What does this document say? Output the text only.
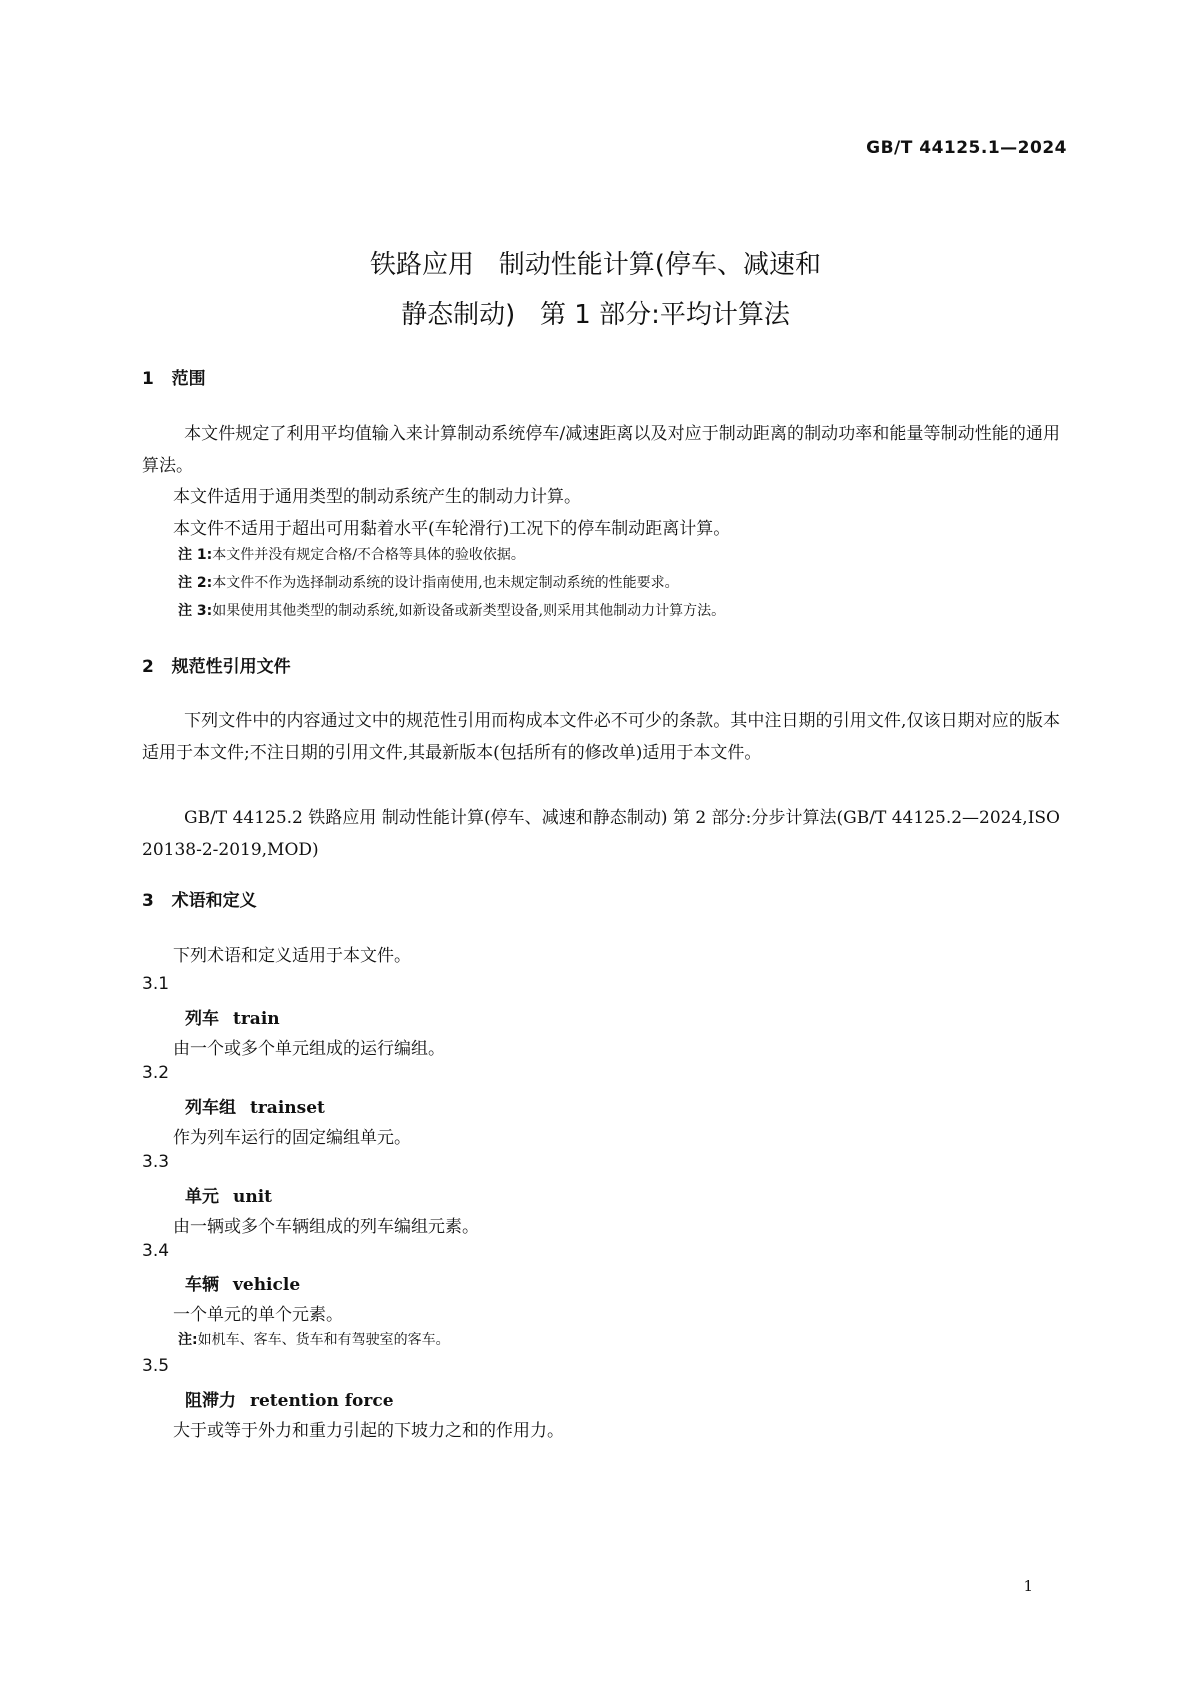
GB/T 44125.1—2024
铁路应用   制动性能计算(停车、减速和
静态制动)   第 1 部分:平均计算法
1   范围
本文件规定了利用平均值输入来计算制动系统停车/减速距离以及对应于制动距离的制动功率和能量等制动性能的通用算法。
本文件适用于通用类型的制动系统产生的制动力计算。
本文件不适用于超出可用黏着水平(车轮滑行)工况下的停车制动距离计算。
注 1:本文件并没有规定合格/不合格等具体的验收依据。
注 2:本文件不作为选择制动系统的设计指南使用,也未规定制动系统的性能要求。
注 3:如果使用其他类型的制动系统,如新设备或新类型设备,则采用其他制动力计算方法。
2   规范性引用文件
下列文件中的内容通过文中的规范性引用而构成本文件必不可少的条款。其中注日期的引用文件,仅该日期对应的版本适用于本文件;不注日期的引用文件,其最新版本(包括所有的修改单)适用于本文件。
GB/T 44125.2 铁路应用 制动性能计算(停车、减速和静态制动) 第 2 部分:分步计算法(GB/T 44125.2—2024,ISO 20138-2-2019,MOD)
3   术语和定义
下列术语和定义适用于本文件。
3.1
列车 train
由一个或多个单元组成的运行编组。
3.2
列车组 trainset
作为列车运行的固定编组单元。
3.3
单元 unit
由一辆或多个车辆组成的列车编组元素。
3.4
车辆 vehicle
一个单元的单个元素。
注:如机车、客车、货车和有驾驶室的客车。
3.5
阻滞力 retention force
大于或等于外力和重力引起的下坡力之和的作用力。
1
